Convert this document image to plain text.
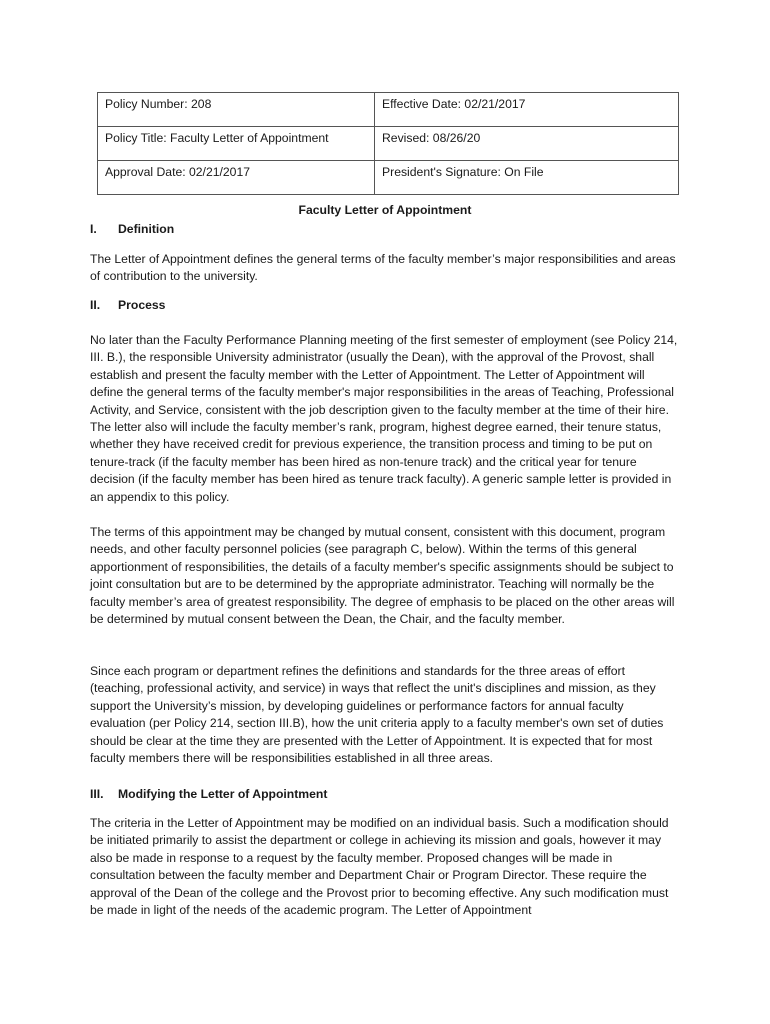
Policy Number: 208	Effective Date: 02/21/2017
Policy Title: Faculty Letter of Appointment	Revised: 08/26/20
Approval Date: 02/21/2017	President's Signature: On File
Faculty Letter of Appointment
I. Definition

The Letter of Appointment defines the general terms of the faculty member’s major responsibilities and areas of contribution to the university.

II. Process

No later than the Faculty Performance Planning meeting of the first semester of employment (see Policy 214, III. B.), the responsible University administrator (usually the Dean), with the approval of the Provost, shall establish and present the faculty member with the Letter of Appointment. The Letter of Appointment will define the general terms of the faculty member's major responsibilities in the areas of Teaching, Professional Activity, and Service, consistent with the job description given to the faculty member at the time of their hire. The letter also will include the faculty member’s rank, program, highest degree earned, their tenure status, whether they have received credit for previous experience, the transition process and timing to be put on tenure-track (if the faculty member has been hired as non-tenure track) and the critical year for tenure decision (if the faculty member has been hired as tenure track faculty). A generic sample letter is provided in an appendix to this policy.

The terms of this appointment may be changed by mutual consent, consistent with this document, program needs, and other faculty personnel policies (see paragraph C, below). Within the terms of this general apportionment of responsibilities, the details of a faculty member's specific assignments should be subject to joint consultation but are to be determined by the appropriate administrator. Teaching will normally be the faculty member’s area of greatest responsibility. The degree of emphasis to be placed on the other areas will be determined by mutual consent between the Dean, the Chair, and the faculty member.

Since each program or department refines the definitions and standards for the three areas of effort (teaching, professional activity, and service) in ways that reflect the unit's disciplines and mission, as they support the University’s mission, by developing guidelines or performance factors for annual faculty evaluation (per Policy 214, section III.B), how the unit criteria apply to a faculty member's own set of duties should be clear at the time they are presented with the Letter of Appointment. It is expected that for most faculty members there will be responsibilities established in all three areas.

III. Modifying the Letter of Appointment

The criteria in the Letter of Appointment may be modified on an individual basis. Such a modification should be initiated primarily to assist the department or college in achieving its mission and goals, however it may also be made in response to a request by the faculty member. Proposed changes will be made in consultation between the faculty member and Department Chair or Program Director. These require the approval of the Dean of the college and the Provost prior to becoming effective. Any such modification must be made in light of the needs of the academic program. The Letter of Appointment
